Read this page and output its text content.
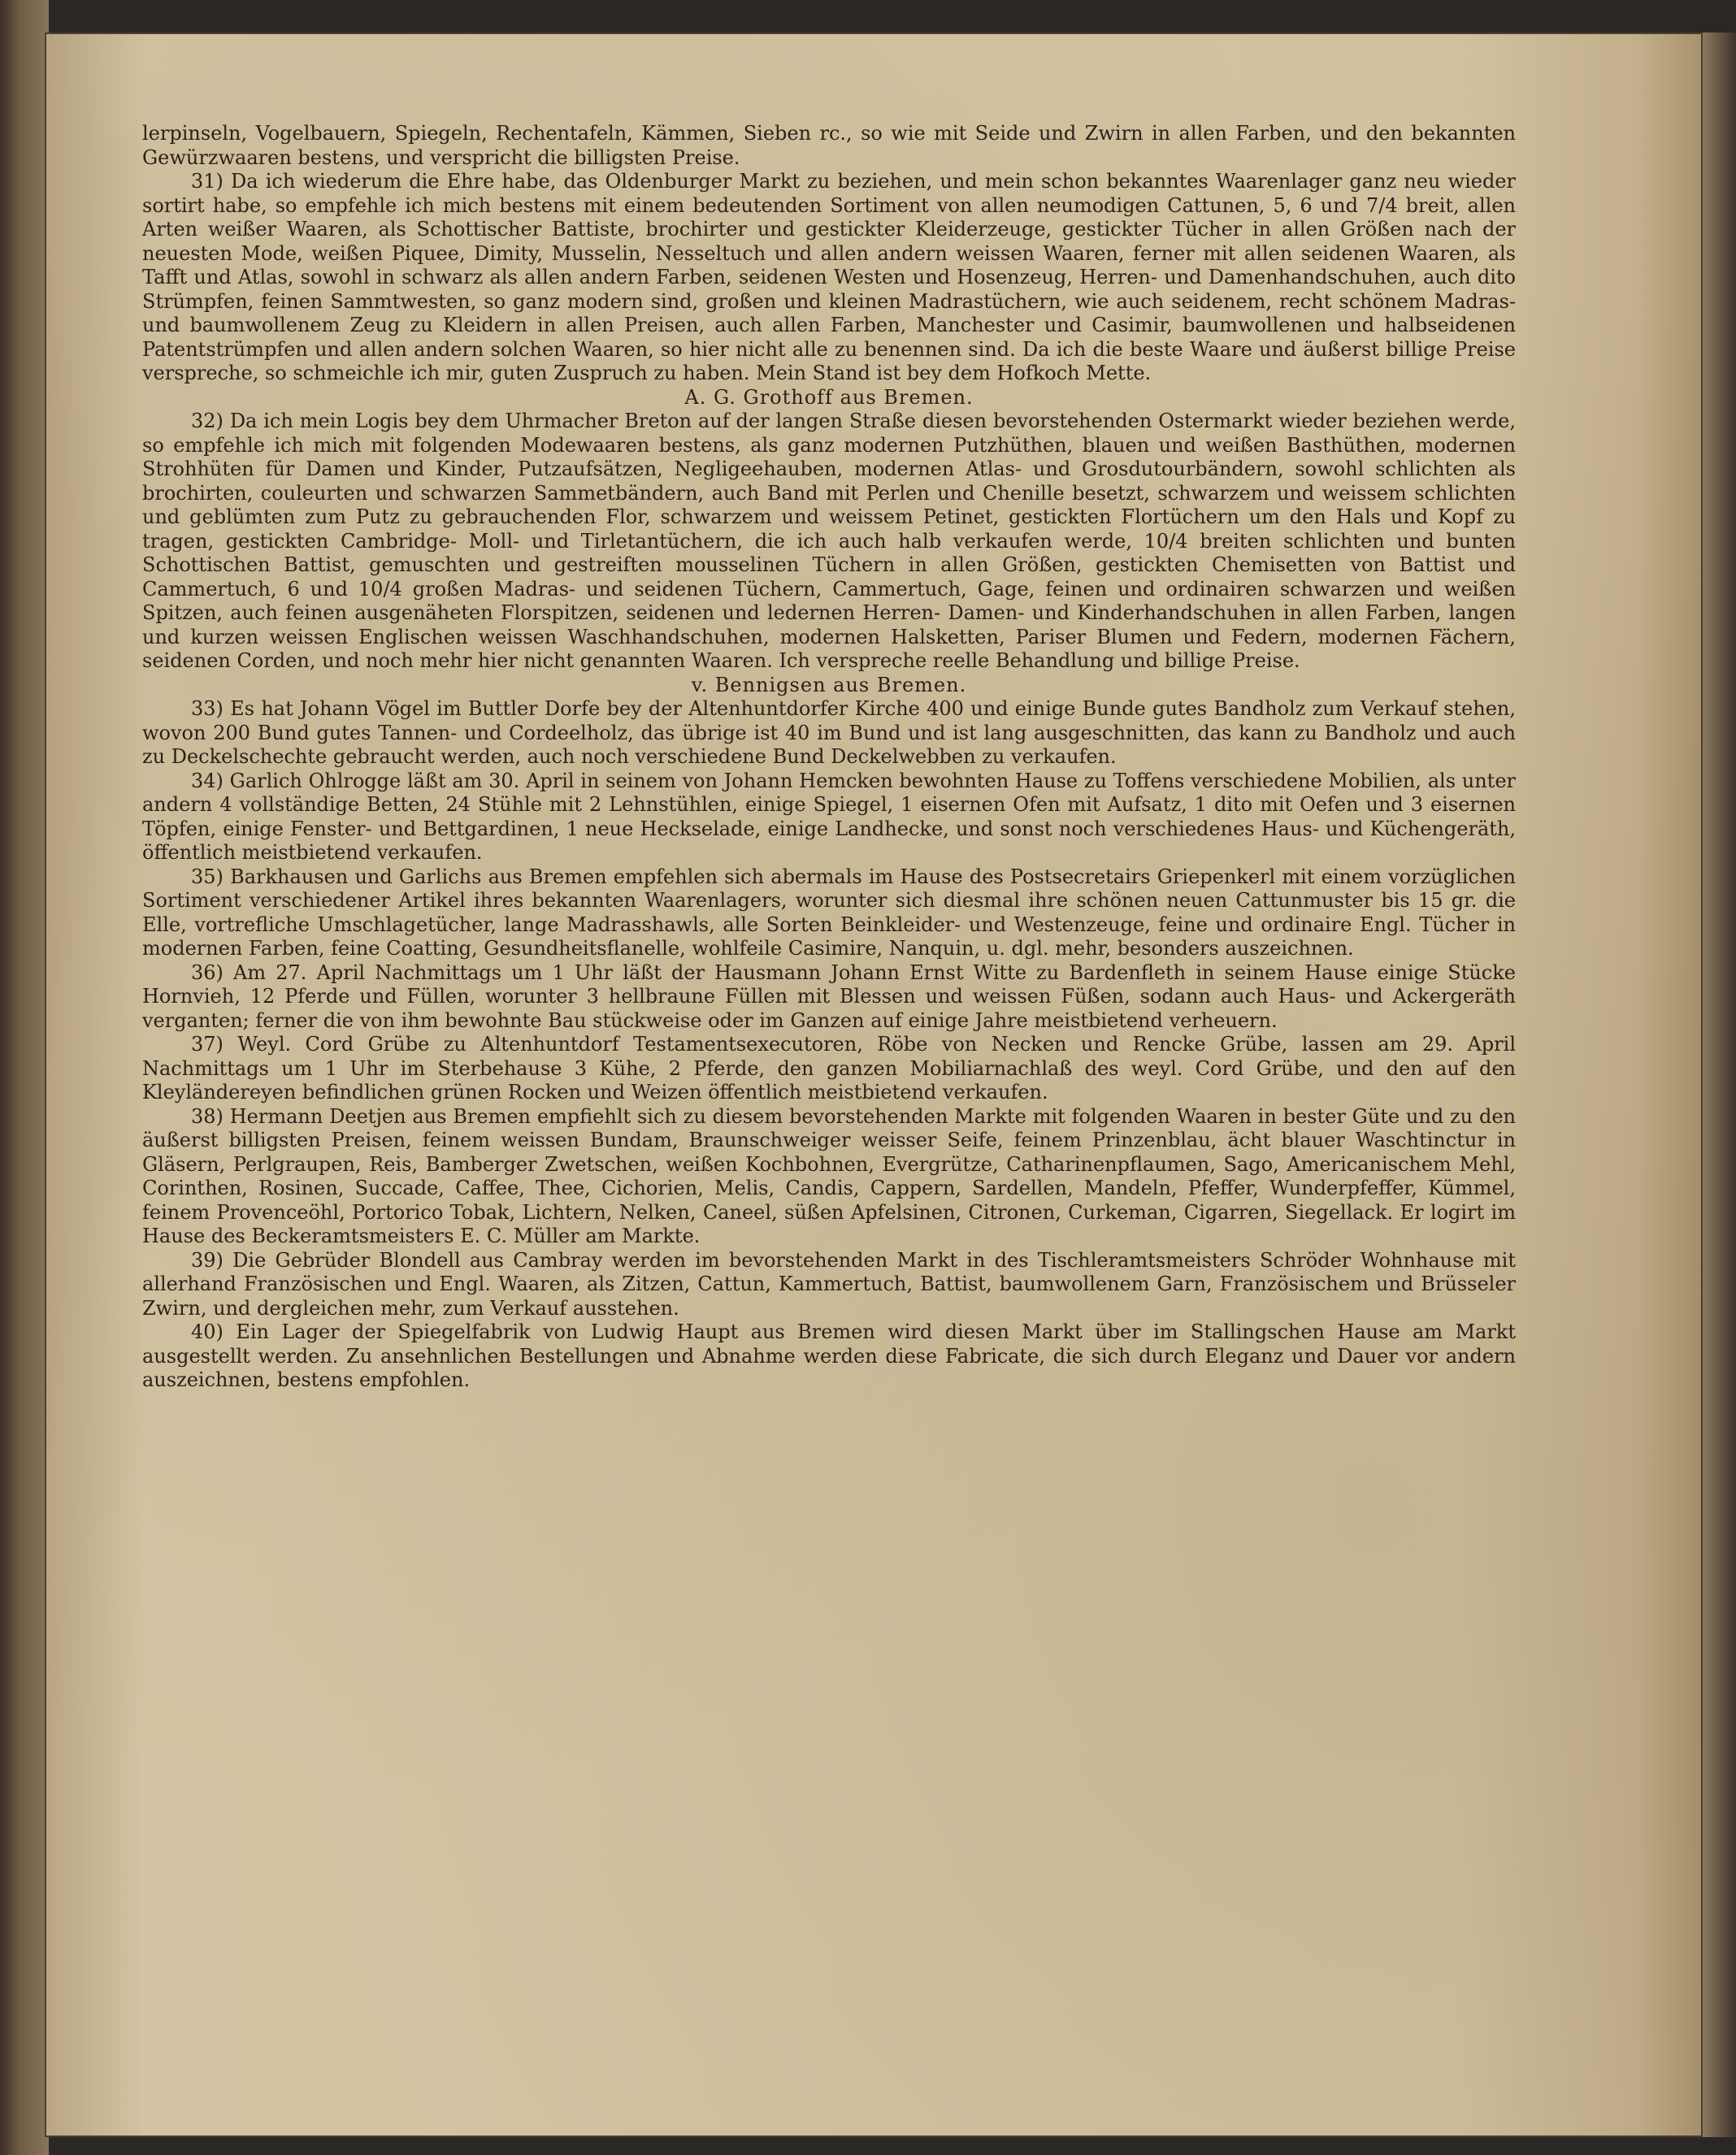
lerpinseln, Vogelbauern, Spiegeln, Rechentafeln, Kämmen, Sieben rc., so wie mit Seide und Zwirn in allen Farben, und den bekannten Gewürzwaaren bestens, und verspricht die billigsten Preise.

31) Da ich wiederum die Ehre habe, das Oldenburger Markt zu beziehen, und mein schon bekanntes Waarenlager ganz neu wieder sortirt habe, so empfehle ich mich bestens mit einem bedeutenden Sortiment von allen neumodigen Cattunen, 5, 6 und 7/4 breit, allen Arten weißer Waaren, als Schottischer Battiste, brochirter und gestickter Kleiderzeuge, gestickter Tücher in allen Größen nach der neuesten Mode, weißen Piquee, Dimity, Musselin, Nesseltuch und allen andern weissen Waaren, ferner mit allen seidenen Waaren, als Tafft und Atlas, sowohl in schwarz als allen andern Farben, seidenen Westen und Hosenzeug, Herren- und Damenhandschuhen, auch dito Strümpfen, feinen Sammtwesten, so ganz modern sind, großen und kleinen Madrastüchern, wie auch seidenem, recht schönem Madras- und baumwollenem Zeug zu Kleidern in allen Preisen, auch allen Farben, Manchester und Casimir, baumwollenen und halbseidenen Patentstrümpfen und allen andern solchen Waaren, so hier nicht alle zu benennen sind. Da ich die beste Waare und äußerst billige Preise verspreche, so schmeichle ich mir, guten Zuspruch zu haben. Mein Stand ist bey dem Hofkoch Mette.

A. G. Grothoff aus Bremen.

32) Da ich mein Logis bey dem Uhrmacher Breton auf der langen Straße diesen bevorstehenden Ostermarkt wieder beziehen werde, so empfehle ich mich mit folgenden Modewaaren bestens, als ganz modernen Putzhüthen, blauen und weißen Basthüthen, modernen Strohhüten für Damen und Kinder, Putzaufsätzen, Negligeehauben, modernen Atlas- und Grosdutourbändern, sowohl schlichten als brochirten, couleurten und schwarzen Sammetbändern, auch Band mit Perlen und Chenille besetzt, schwarzem und weissem schlichten und geblümten zum Putz zu gebrauchenden Flor, schwarzem und weissem Petinet, gestickten Flortüchern um den Hals und Kopf zu tragen, gestickten Cambridge- Moll- und Tirletantüchern, die ich auch halb verkaufen werde, 10/4 breiten schlichten und bunten Schottischen Battist, gemuschten und gestreiften mousselinen Tüchern in allen Größen, gestickten Chemisetten von Battist und Cammertuch, 6 und 10/4 großen Madras- und seidenen Tüchern, Cammertuch, Gage, feinen und ordinairen schwarzen und weißen Spitzen, auch feinen ausgenäheten Florspitzen, seidenen und ledernen Herren- Damen- und Kinderhandschuhen in allen Farben, langen und kurzen weissen Englischen weissen Waschhandschuhen, modernen Halsketten, Pariser Blumen und Federn, modernen Fächern, seidenen Corden, und noch mehr hier nicht genannten Waaren. Ich verspreche reelle Behandlung und billige Preise.

v. Bennigsen aus Bremen.

33) Es hat Johann Vögel im Buttler Dorfe bey der Altenhuntdorfer Kirche 400 und einige Bunde gutes Bandholz zum Verkauf stehen, wovon 200 Bund gutes Tannen- und Cordeelholz, das übrige ist 40 im Bund und ist lang ausgeschnitten, das kann zu Bandholz und auch zu Deckelschechte gebraucht werden, auch noch verschiedene Bund Deckelwebben zu verkaufen.

34) Garlich Ohlrogge läßt am 30. April in seinem von Johann Hemcken bewohnten Hause zu Toffens verschiedene Mobilien, als unter andern 4 vollständige Betten, 24 Stühle mit 2 Lehnstühlen, einige Spiegel, 1 eisernen Ofen mit Aufsatz, 1 dito mit Oefen und 3 eisernen Töpfen, einige Fenster- und Bettgardinen, 1 neue Heckselade, einige Landhecke, und sonst noch verschiedenes Haus- und Küchengeräth, öffentlich meistbietend verkaufen.

35) Barkhausen und Garlichs aus Bremen empfehlen sich abermals im Hause des Postsecretairs Griepenkerl mit einem vorzüglichen Sortiment verschiedener Artikel ihres bekannten Waarenlagers, worunter sich diesmal ihre schönen neuen Cattunmuster bis 15 gr. die Elle, vortrefliche Umschlagetücher, lange Madrasshawls, alle Sorten Beinkleider- und Westenzeuge, feine und ordinaire Engl. Tücher in modernen Farben, feine Coatting, Gesundheitsflanelle, wohlfeile Casimire, Nanquin, u. dgl. mehr, besonders auszeichnen.

36) Am 27. April Nachmittags um 1 Uhr läßt der Hausmann Johann Ernst Witte zu Bardenfleth in seinem Hause einige Stücke Hornvieh, 12 Pferde und Füllen, worunter 3 hellbraune Füllen mit Blessen und weissen Füßen, sodann auch Haus- und Ackergeräth verganten; ferner die von ihm bewohnte Bau stückweise oder im Ganzen auf einige Jahre meistbietend verheuern.

37) Weyl. Cord Grübe zu Altenhuntdorf Testamentsexecutoren, Röbe von Necken und Rencke Grübe, lassen am 29. April Nachmittags um 1 Uhr im Sterbehause 3 Kühe, 2 Pferde, den ganzen Mobiliarnachlaß des weyl. Cord Grübe, und den auf den Kleyländereyen befindlichen grünen Rocken und Weizen öffentlich meistbietend verkaufen.

38) Hermann Deetjen aus Bremen empfiehlt sich zu diesem bevorstehenden Markte mit folgenden Waaren in bester Güte und zu den äußerst billigsten Preisen, feinem weissen Bundam, Braunschweiger weisser Seife, feinem Prinzenblau, ächt blauer Waschtinctur in Gläsern, Perlgraupen, Reis, Bamberger Zwetschen, weißen Kochbohnen, Evergrütze, Catharinenpflaumen, Sago, Americanischem Mehl, Corinthen, Rosinen, Succade, Caffee, Thee, Cichorien, Melis, Candis, Cappern, Sardellen, Mandeln, Pfeffer, Wunderpfeffer, Kümmel, feinem Provenceöhl, Portorico Tobak, Lichtern, Nelken, Caneel, süßen Apfelsinen, Citronen, Curkeman, Cigarren, Siegellack. Er logirt im Hause des Beckeramtsmeisters E. C. Müller am Markte.

39) Die Gebrüder Blondell aus Cambray werden im bevorstehenden Markt in des Tischleramtsmeisters Schröder Wohnhause mit allerhand Französischen und Engl. Waaren, als Zitzen, Cattun, Kammertuch, Battist, baumwollenem Garn, Französischem und Brüsseler Zwirn, und dergleichen mehr, zum Verkauf ausstehen.

40) Ein Lager der Spiegelfabrik von Ludwig Haupt aus Bremen wird diesen Markt über im Stallingschen Hause am Markt ausgestellt werden. Zu ansehnlichen Bestellungen und Abnahme werden diese Fabricate, die sich durch Eleganz und Dauer vor andern auszeichnen, bestens empfohlen.
